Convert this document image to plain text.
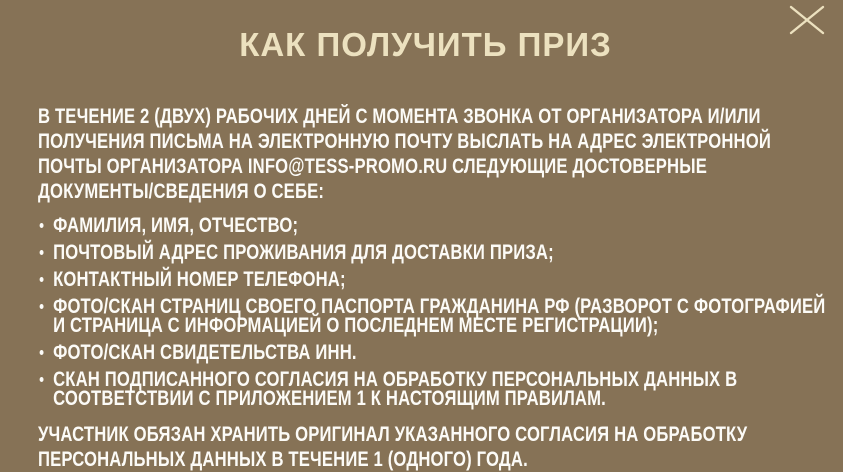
КАК ПОЛУЧИТЬ ПРИЗ

В ТЕЧЕНИЕ 2 (ДВУХ) РАБОЧИХ ДНЕЙ С МОМЕНТА ЗВОНКА ОТ ОРГАНИЗАТОРА И/ИЛИ ПОЛУЧЕНИЯ ПИСЬМА НА ЭЛЕКТРОННУЮ ПОЧТУ ВЫСЛАТЬ НА АДРЕС ЭЛЕКТРОННОЙ ПОЧТЫ ОРГАНИЗАТОРА INFO@TESS-PROMO.RU СЛЕДУЮЩИЕ ДОСТОВЕРНЫЕ ДОКУМЕНТЫ/СВЕДЕНИЯ О СЕБЕ:

ФАМИЛИЯ, ИМЯ, ОТЧЕСТВО;
ПОЧТОВЫЙ АДРЕС ПРОЖИВАНИЯ ДЛЯ ДОСТАВКИ ПРИЗА;
КОНТАКТНЫЙ НОМЕР ТЕЛЕФОНА;
ФОТО/СКАН СТРАНИЦ СВОЕГО ПАСПОРТА ГРАЖДАНИНА РФ (РАЗВОРОТ С ФОТОГРАФИЕЙ И СТРАНИЦА С ИНФОРМАЦИЕЙ О ПОСЛЕДНЕМ МЕСТЕ РЕГИСТРАЦИИ);
ФОТО/СКАН СВИДЕТЕЛЬСТВА ИНН.
СКАН ПОДПИСАННОГО СОГЛАСИЯ НА ОБРАБОТКУ ПЕРСОНАЛЬНЫХ ДАННЫХ В СООТВЕТСТВИИ С ПРИЛОЖЕНИЕМ 1 К НАСТОЯЩИМ ПРАВИЛАМ.

УЧАСТНИК ОБЯЗАН ХРАНИТЬ ОРИГИНАЛ УКАЗАННОГО СОГЛАСИЯ НА ОБРАБОТКУ ПЕРСОНАЛЬНЫХ ДАННЫХ В ТЕЧЕНИЕ 1 (ОДНОГО) ГОДА.
